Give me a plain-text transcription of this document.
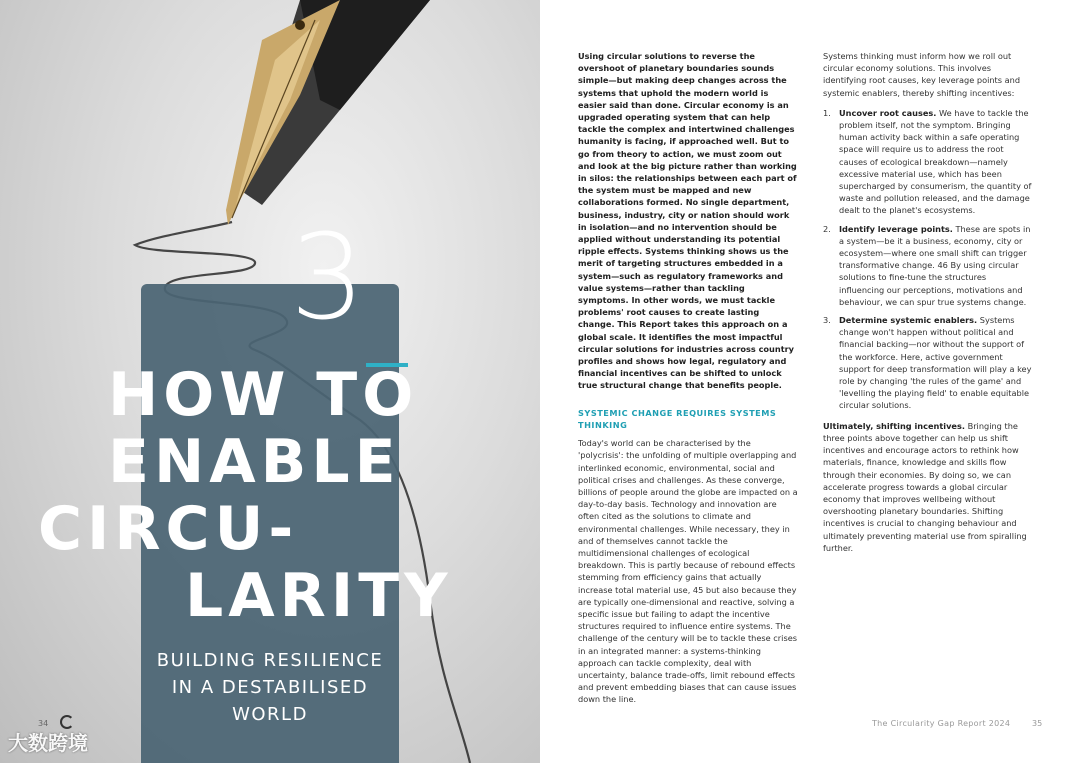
3
HOW TO
ENABLE
CIRCU-
LARITY
BUILDING RESILIENCE
IN A DESTABILISED
WORLD
34
大数跨境

Using circular solutions to reverse the overshoot of planetary boundaries sounds simple—but making deep changes across the systems that uphold the modern world is easier said than done. Circular economy is an upgraded operating system that can help tackle the complex and intertwined challenges humanity is facing, if approached well. But to go from theory to action, we must zoom out and look at the big picture rather than working in silos: the relationships between each part of the system must be mapped and new collaborations formed. No single department, business, industry, city or nation should work in isolation—and no intervention should be applied without understanding its potential ripple effects. Systems thinking shows us the merit of targeting structures embedded in a system—such as regulatory frameworks and value systems—rather than tackling symptoms. In other words, we must tackle problems' root causes to create lasting change. This Report takes this approach on a global scale. It identifies the most impactful circular solutions for industries across country profiles and shows how legal, regulatory and financial incentives can be shifted to unlock true structural change that benefits people.

SYSTEMIC CHANGE REQUIRES SYSTEMS THINKING

Today's world can be characterised by the 'polycrisis': the unfolding of multiple overlapping and interlinked economic, environmental, social and political crises and challenges. As these converge, billions of people around the globe are impacted on a day-to-day basis. Technology and innovation are often cited as the solutions to climate and environmental challenges. While necessary, they in and of themselves cannot tackle the multidimensional challenges of ecological breakdown. This is partly because of rebound effects stemming from efficiency gains that actually increase total material use, 45 but also because they are typically one-dimensional and reactive, solving a specific issue but failing to adapt the incentive structures required to influence entire systems. The challenge of the century will be to tackle these crises in an integrated manner: a systems-thinking approach can tackle complexity, deal with uncertainty, balance trade-offs, limit rebound effects and prevent embedding biases that can cause issues down the line.

Systems thinking must inform how we roll out circular economy solutions. This involves identifying root causes, key leverage points and systemic enablers, thereby shifting incentives:

1. Uncover root causes. We have to tackle the problem itself, not the symptom. Bringing human activity back within a safe operating space will require us to address the root causes of ecological breakdown—namely excessive material use, which has been supercharged by consumerism, the quantity of waste and pollution released, and the damage dealt to the planet's ecosystems.
2. Identify leverage points. These are spots in a system—be it a business, economy, city or ecosystem—where one small shift can trigger transformative change. 46 By using circular solutions to fine-tune the structures influencing our perceptions, motivations and behaviour, we can spur true systems change.
3. Determine systemic enablers. Systems change won't happen without political and financial backing—nor without the support of the workforce. Here, active government support for deep transformation will play a key role by changing 'the rules of the game' and 'levelling the playing field' to enable equitable circular solutions.

Ultimately, shifting incentives. Bringing the three points above together can help us shift incentives and encourage actors to rethink how materials, finance, knowledge and skills flow through their economies. By doing so, we can accelerate progress towards a global circular economy that improves wellbeing without overshooting planetary boundaries. Shifting incentives is crucial to changing behaviour and ultimately preventing material use from spiralling further.

The Circularity Gap Report 2024	35
